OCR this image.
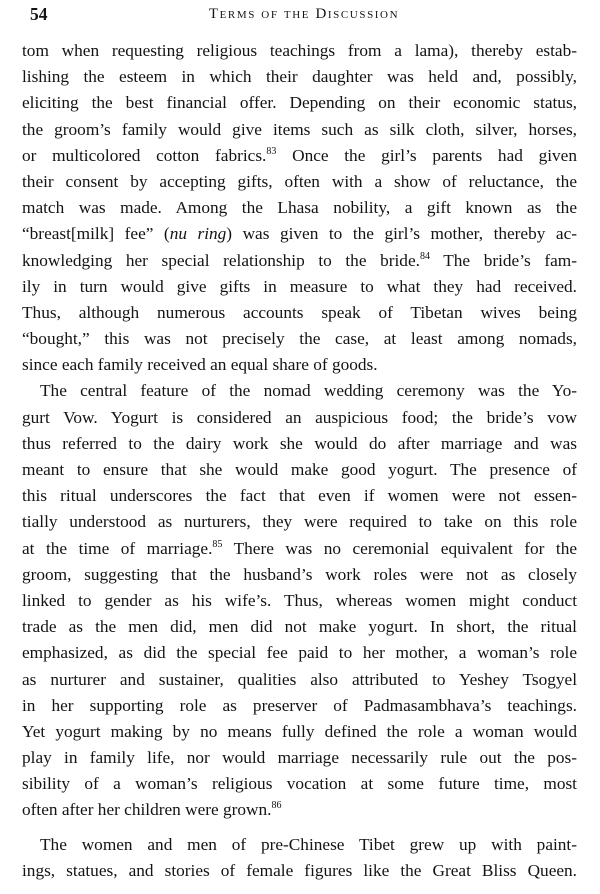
54	Terms of the Discussion
tom when requesting religious teachings from a lama), thereby estab-
lishing the esteem in which their daughter was held and, possibly,
eliciting the best financial offer. Depending on their economic status,
the groom’s family would give items such as silk cloth, silver, horses,
or multicolored cotton fabrics.$^{83}$ Once the girl’s parents had given
their consent by accepting gifts, often with a show of reluctance, the
match was made. Among the Lhasa nobility, a gift known as the
“breast[milk] fee” (nu ring) was given to the girl’s mother, thereby ac-
knowledging her special relationship to the bride.$^{84}$ The bride’s fam-
ily in turn would give gifts in measure to what they had received.
Thus, although numerous accounts speak of Tibetan wives being
“bought,” this was not precisely the case, at least among nomads,
since each family received an equal share of goods.
The central feature of the nomad wedding ceremony was the Yo-
gurt Vow. Yogurt is considered an auspicious food; the bride’s vow
thus referred to the dairy work she would do after marriage and was
meant to ensure that she would make good yogurt. The presence of
this ritual underscores the fact that even if women were not essen-
tially understood as nurturers, they were required to take on this role
at the time of marriage.$^{85}$ There was no ceremonial equivalent for the
groom, suggesting that the husband’s work roles were not as closely
linked to gender as his wife’s. Thus, whereas women might conduct
trade as the men did, men did not make yogurt. In short, the ritual
emphasized, as did the special fee paid to her mother, a woman’s role
as nurturer and sustainer, qualities also attributed to Yeshey Tsogyel
in her supporting role as preserver of Padmasambhava’s teachings.
Yet yogurt making by no means fully defined the role a woman would
play in family life, nor would marriage necessarily rule out the pos-
sibility of a woman’s religious vocation at some future time, most
often after her children were grown.$^{86}$
The women and men of pre-Chinese Tibet grew up with paint-
ings, statues, and stories of female figures like the Great Bliss Queen.
